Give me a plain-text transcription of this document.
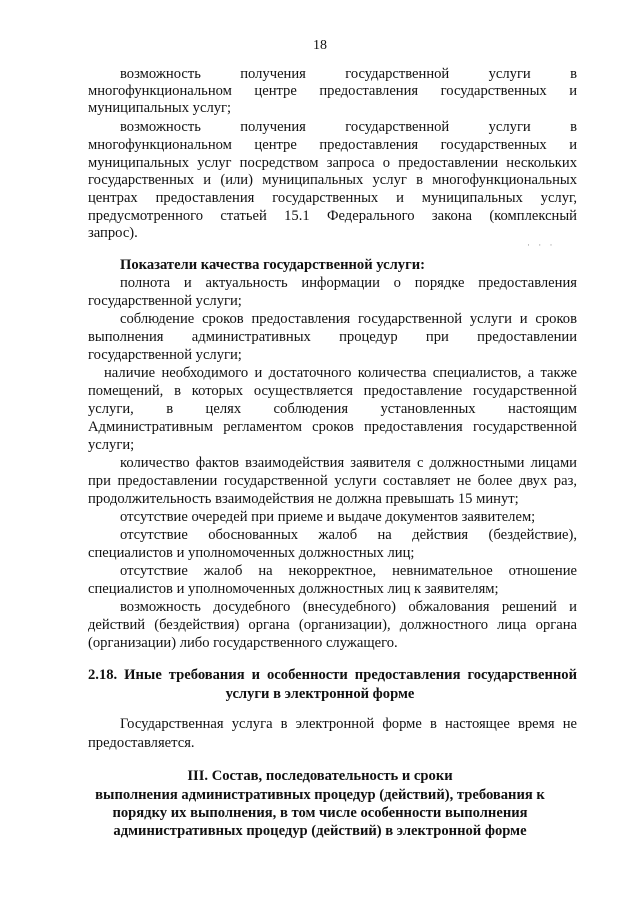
18
возможность получения государственной услуги в
многофункциональном центре предоставления государственных и
муниципальных услуг;
возможность получения государственной услуги в
многофункциональном центре предоставления государственных и
муниципальных услуг посредством запроса о предоставлении нескольких
государственных и (или) муниципальных услуг в многофункциональных
центрах предоставления государственных и муниципальных услуг,
предусмотренного статьей 15.1 Федерального закона (комплексный
запрос).
· · ·
Показатели качества государственной услуги:
полнота и актуальность информации о порядке предоставления
государственной услуги;
соблюдение сроков предоставления государственной услуги и сроков
выполнения административных процедур при предоставлении
государственной услуги;
наличие необходимого и достаточного количества специалистов, а также
помещений, в которых осуществляется предоставление государственной
услуги, в целях соблюдения установленных настоящим
Административным регламентом сроков предоставления государственной
услуги;
количество фактов взаимодействия заявителя с должностными лицами
при предоставлении государственной услуги составляет не более двух раз,
продолжительность взаимодействия не должна превышать 15 минут;
отсутствие очередей при приеме и выдаче документов заявителем;
отсутствие обоснованных жалоб на действия (бездействие),
специалистов и уполномоченных должностных лиц;
отсутствие жалоб на некорректное, невнимательное отношение
специалистов и уполномоченных должностных лиц к заявителям;
возможность досудебного (внесудебного) обжалования решений и
действий (бездействия) органа (организации), должностного лица органа
(организации) либо государственного служащего.
2.18. Иные требования и особенности предоставления государственной
услуги в электронной форме
Государственная услуга в электронной форме в настоящее время не
предоставляется.
III. Состав, последовательность и сроки
выполнения административных процедур (действий), требования к
порядку их выполнения, в том числе особенности выполнения
административных процедур (действий) в электронной форме
